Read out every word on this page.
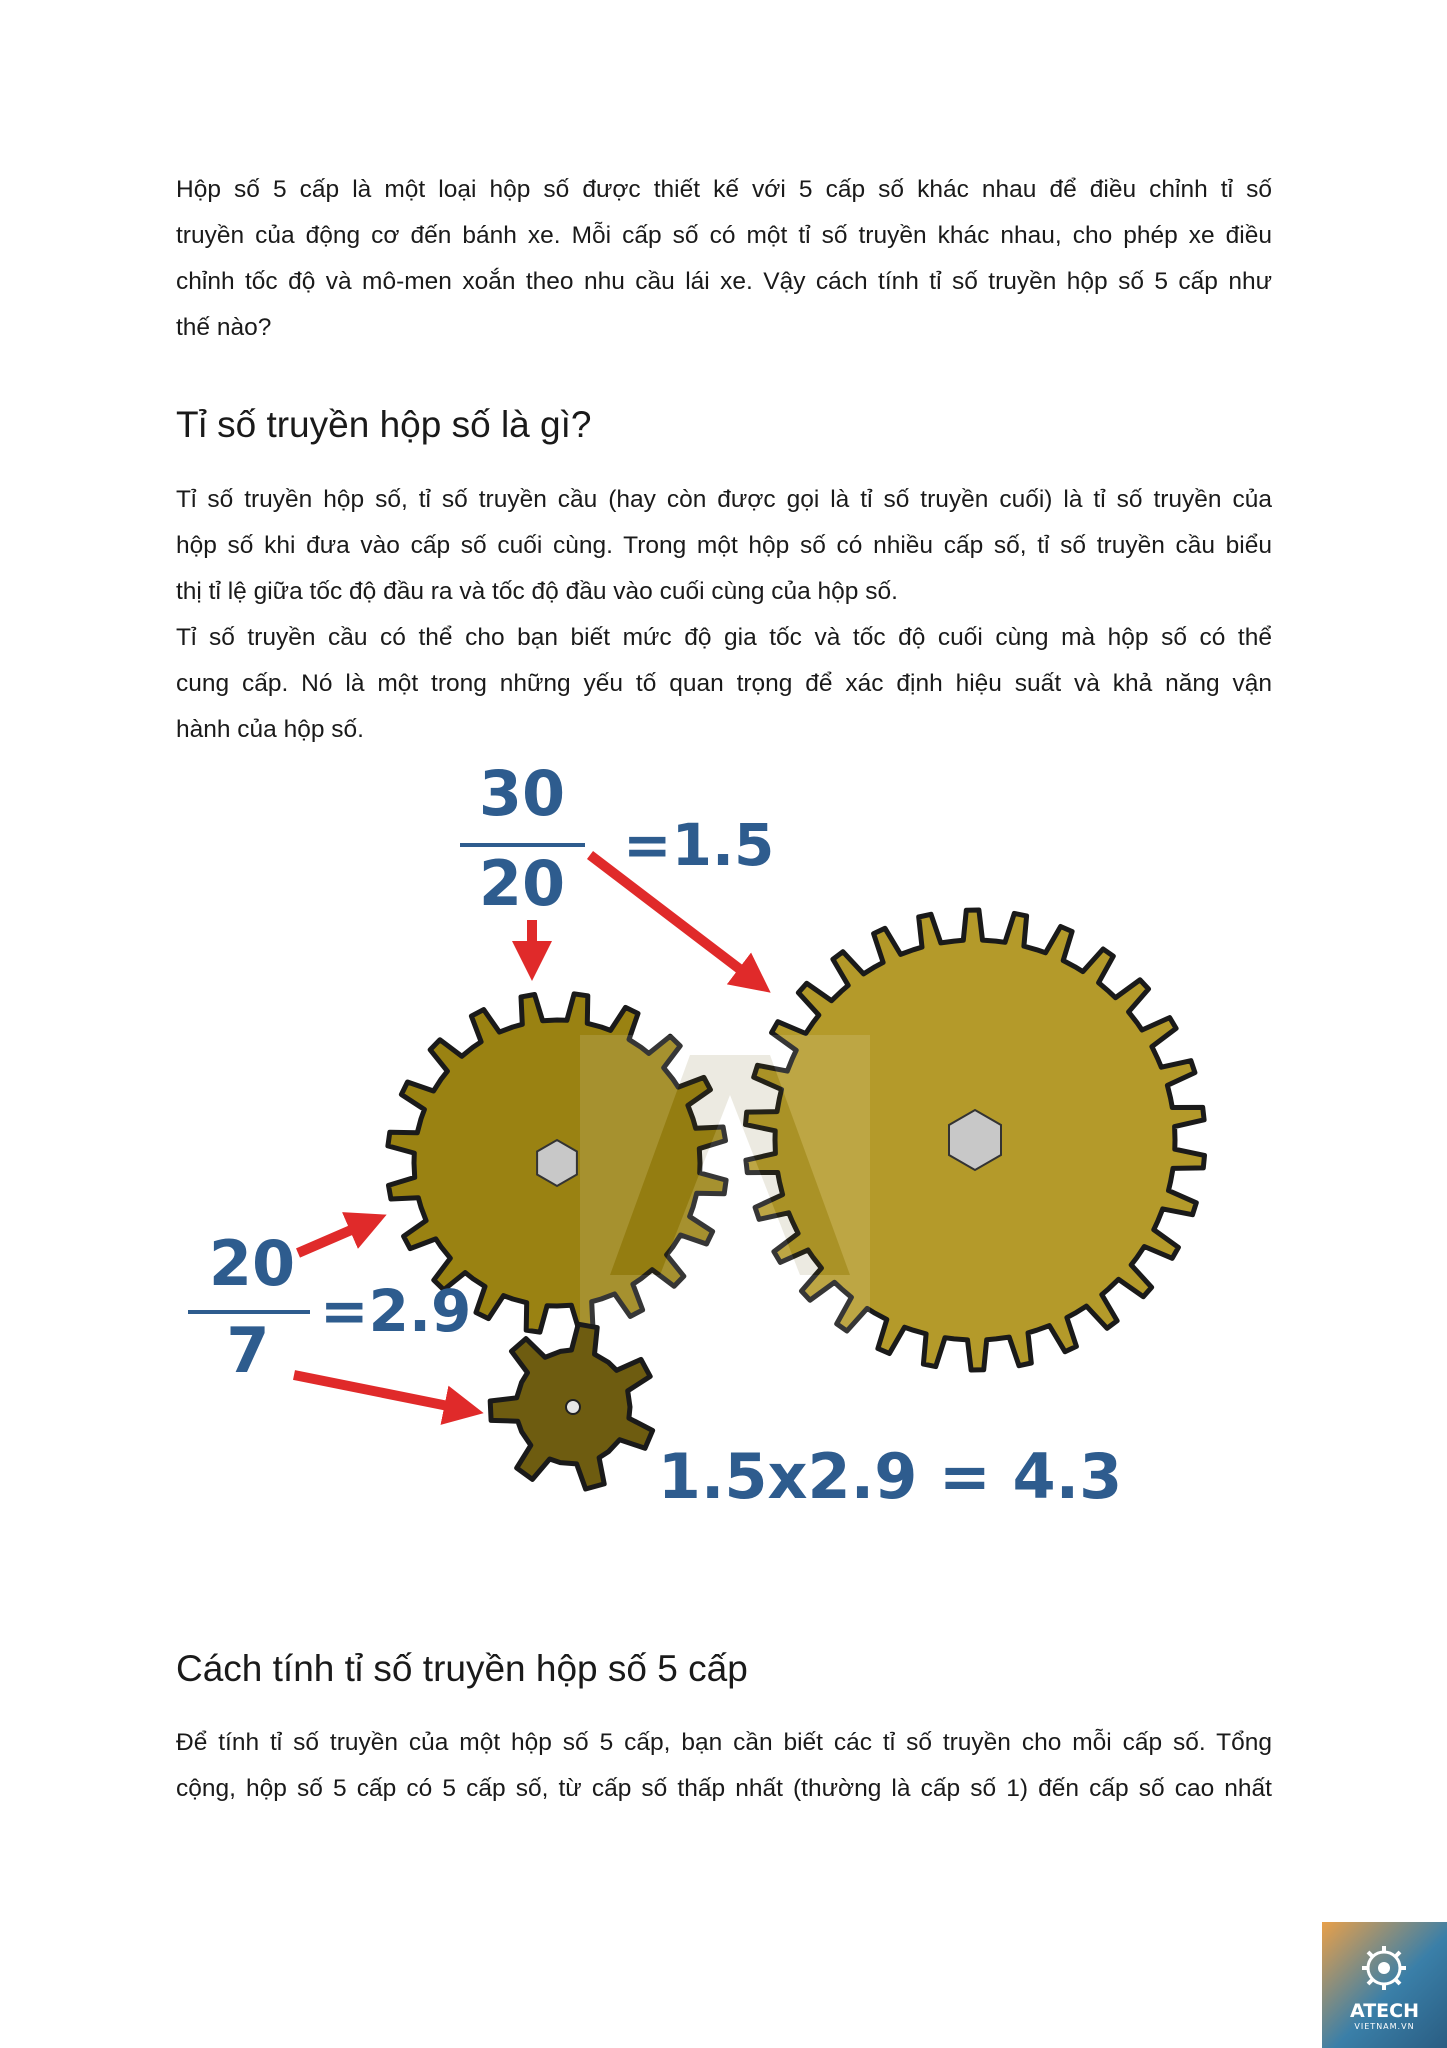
Hộp số 5 cấp là một loại hộp số được thiết kế với 5 cấp số khác nhau để điều chỉnh tỉ số
truyền của động cơ đến bánh xe. Mỗi cấp số có một tỉ số truyền khác nhau, cho phép xe điều
chỉnh tốc độ và mô-men xoắn theo nhu cầu lái xe. Vậy cách tính tỉ số truyền hộp số 5 cấp như
thế nào?

Tỉ số truyền hộp số là gì?

Tỉ số truyền hộp số, tỉ số truyền cầu (hay còn được gọi là tỉ số truyền cuối) là tỉ số truyền của
hộp số khi đưa vào cấp số cuối cùng. Trong một hộp số có nhiều cấp số, tỉ số truyền cầu biểu
thị tỉ lệ giữa tốc độ đầu ra và tốc độ đầu vào cuối cùng của hộp số.
Tỉ số truyền cầu có thể cho bạn biết mức độ gia tốc và tốc độ cuối cùng mà hộp số có thể
cung cấp. Nó là một trong những yếu tố quan trọng để xác định hiệu suất và khả năng vận
hành của hộp số.

30
20
=1.5
20
7
=2.9
1.5x2.9 = 4.3
Cách tính tỉ số truyền hộp số 5 cấp

Để tính tỉ số truyền của một hộp số 5 cấp, bạn cần biết các tỉ số truyền cho mỗi cấp số. Tổng
cộng, hộp số 5 cấp có 5 cấp số, từ cấp số thấp nhất (thường là cấp số 1) đến cấp số cao nhất

ATECH
VIETNAM.VN
